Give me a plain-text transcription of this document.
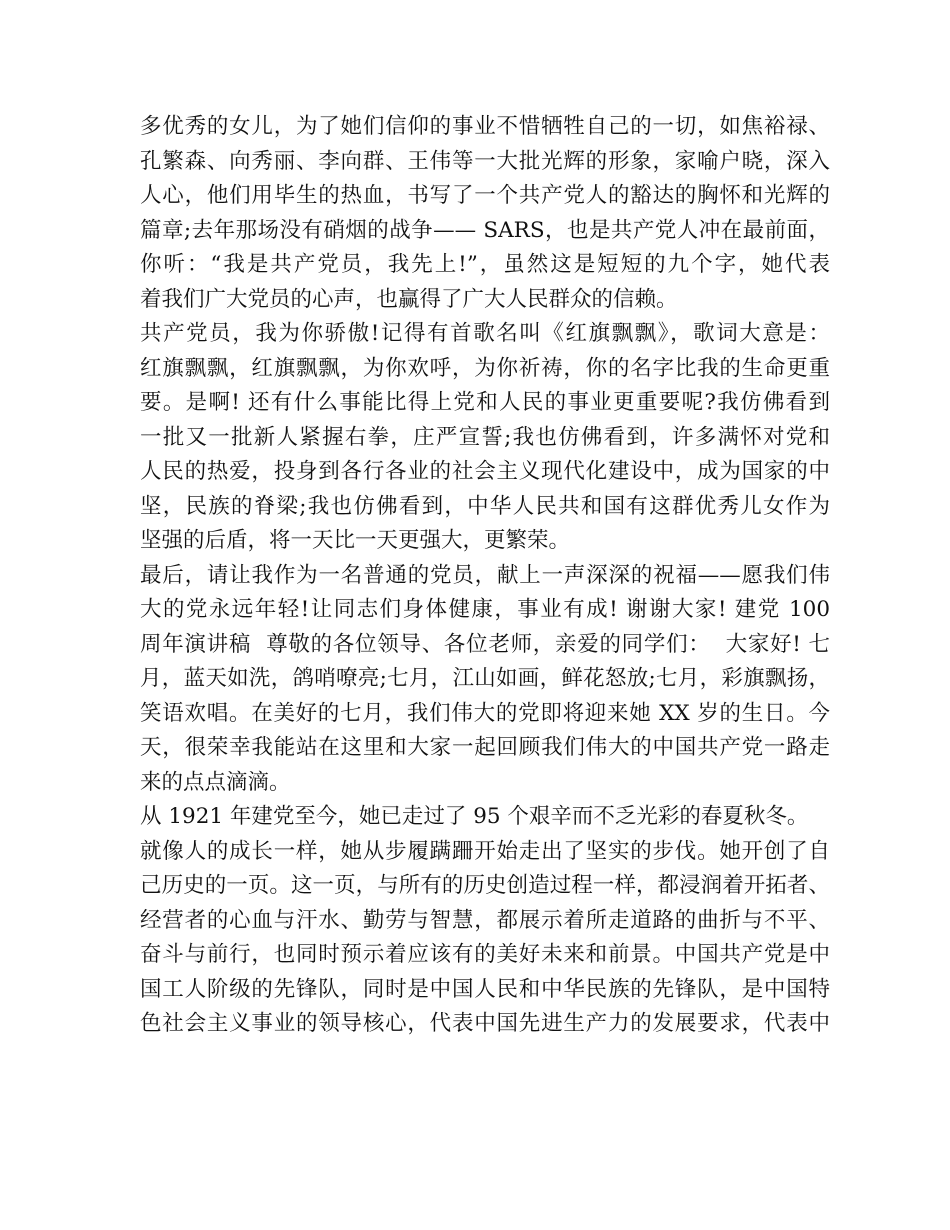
多优秀的女儿，为了她们信仰的事业不惜牺牲自己的一切，如焦裕禄、
孔繁森、向秀丽、李向群、王伟等一大批光辉的形象，家喻户晓，深入
人心，他们用毕生的热血，书写了一个共产党人的豁达的胸怀和光辉的
篇章;去年那场没有硝烟的战争—— SARS，也是共产党人冲在最前面，
你听：“我是共产党员，我先上!”，虽然这是短短的九个字，她代表
着我们广大党员的心声，也赢得了广大人民群众的信赖。
共产党员，我为你骄傲!记得有首歌名叫《红旗飘飘》，歌词大意是：
红旗飘飘，红旗飘飘，为你欢呼，为你祈祷，你的名字比我的生命更重
要。是啊! 还有什么事能比得上党和人民的事业更重要呢?我仿佛看到
一批又一批新人紧握右拳，庄严宣誓;我也仿佛看到，许多满怀对党和
人民的热爱，投身到各行各业的社会主义现代化建设中，成为国家的中
坚，民族的脊梁;我也仿佛看到，中华人民共和国有这群优秀儿女作为
坚强的后盾，将一天比一天更强大，更繁荣。
最后，请让我作为一名普通的党员，献上一声深深的祝福——愿我们伟
大的党永远年轻!让同志们身体健康，事业有成! 谢谢大家! 建党 100
周年演讲稿  尊敬的各位领导、各位老师，亲爱的同学们：  大家好! 七
月，蓝天如洗，鸽哨嘹亮;七月，江山如画，鲜花怒放;七月，彩旗飘扬，
笑语欢唱。在美好的七月，我们伟大的党即将迎来她 XX 岁的生日。今
天，很荣幸我能站在这里和大家一起回顾我们伟大的中国共产党一路走
来的点点滴滴。
从 1921 年建党至今，她已走过了 95 个艰辛而不乏光彩的春夏秋冬。
就像人的成长一样，她从步履蹒跚开始走出了坚实的步伐。她开创了自
己历史的一页。这一页，与所有的历史创造过程一样，都浸润着开拓者、
经营者的心血与汗水、勤劳与智慧，都展示着所走道路的曲折与不平、
奋斗与前行，也同时预示着应该有的美好未来和前景。中国共产党是中
国工人阶级的先锋队，同时是中国人民和中华民族的先锋队，是中国特
色社会主义事业的领导核心，代表中国先进生产力的发展要求，代表中
